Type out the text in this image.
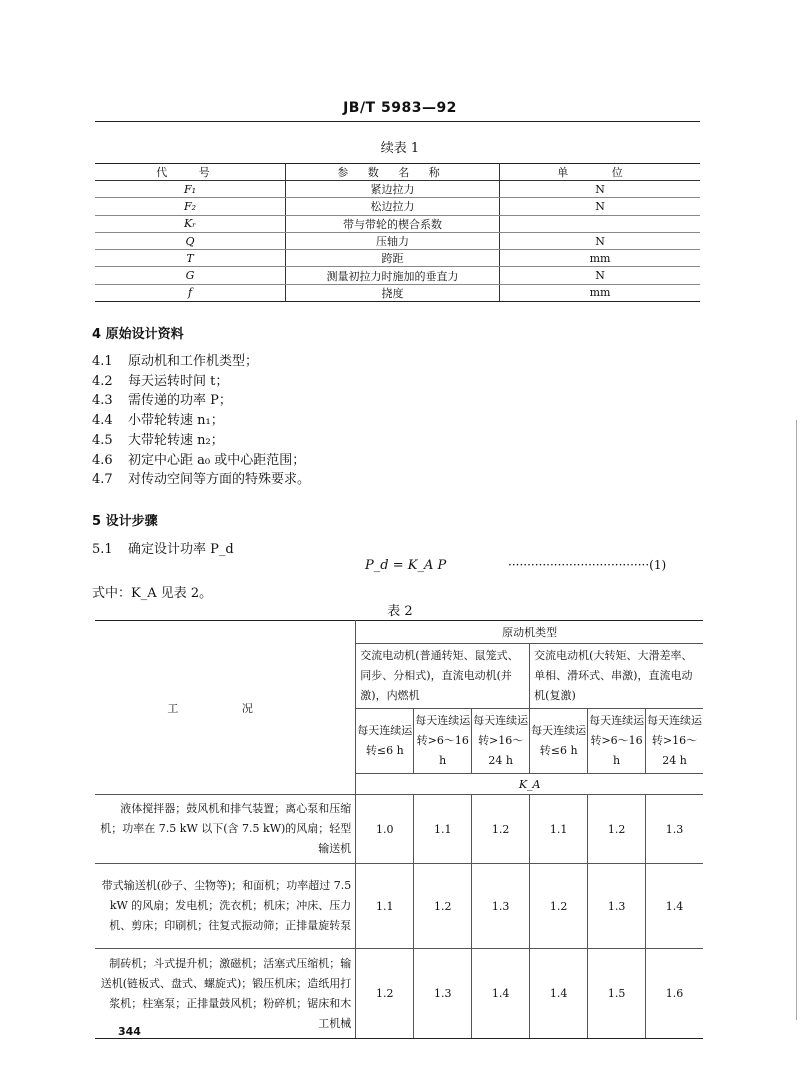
JB/T 5983—92
续表 1
代 号	参 数 名 称	单 位
F₁	紧边拉力	N
F₂	松边拉力	N
Kᵣ	带与带轮的楔合系数	
Q	压轴力	N
T	跨距	mm
G	测量初拉力时施加的垂直力	N
f	挠度	mm
4 原始设计资料
4.1 原动机和工作机类型；
4.2 每天运转时间 t；
4.3 需传递的功率 P；
4.4 小带轮转速 n₁；
4.5 大带轮转速 n₂；
4.6 初定中心距 a₀ 或中心距范围；
4.7 对传动空间等方面的特殊要求。
5 设计步骤
5.1 确定设计功率 P_d
P_d = K_A P	·····································(1)
式中：K_A 见表 2。
表 2
工 况	原动机类型					
	交流电动机(普通转矩、鼠笼式、同步、分相式)，直流电动机(并激)，内燃机			交流电动机(大转矩、大滑差率、单相、滑环式、串激)，直流电动机(复激)		
	每天连续运转≤6 h	每天连续运转>6～16 h	每天连续运转>16～24 h	每天连续运转≤6 h	每天连续运转>6～16 h	每天连续运转>16～24 h
	K_A					
液体搅拌器；鼓风机和排气装置；离心泵和压缩机；功率在 7.5 kW 以下(含 7.5 kW)的风扇；轻型输送机	1.0	1.1	1.2	1.1	1.2	1.3
带式输送机(砂子、尘物等)；和面机；功率超过 7.5 kW 的风扇；发电机；洗衣机；机床；冲床、压力机、剪床；印刷机；往复式振动筛；正排量旋转泵	1.1	1.2	1.3	1.2	1.3	1.4
制砖机；斗式提升机；激磁机；活塞式压缩机；输送机(链板式、盘式、螺旋式)；锻压机床；造纸用打浆机；柱塞泵；正排量鼓风机；粉碎机；锯床和木工机械	1.2	1.3	1.4	1.4	1.5	1.6
344
